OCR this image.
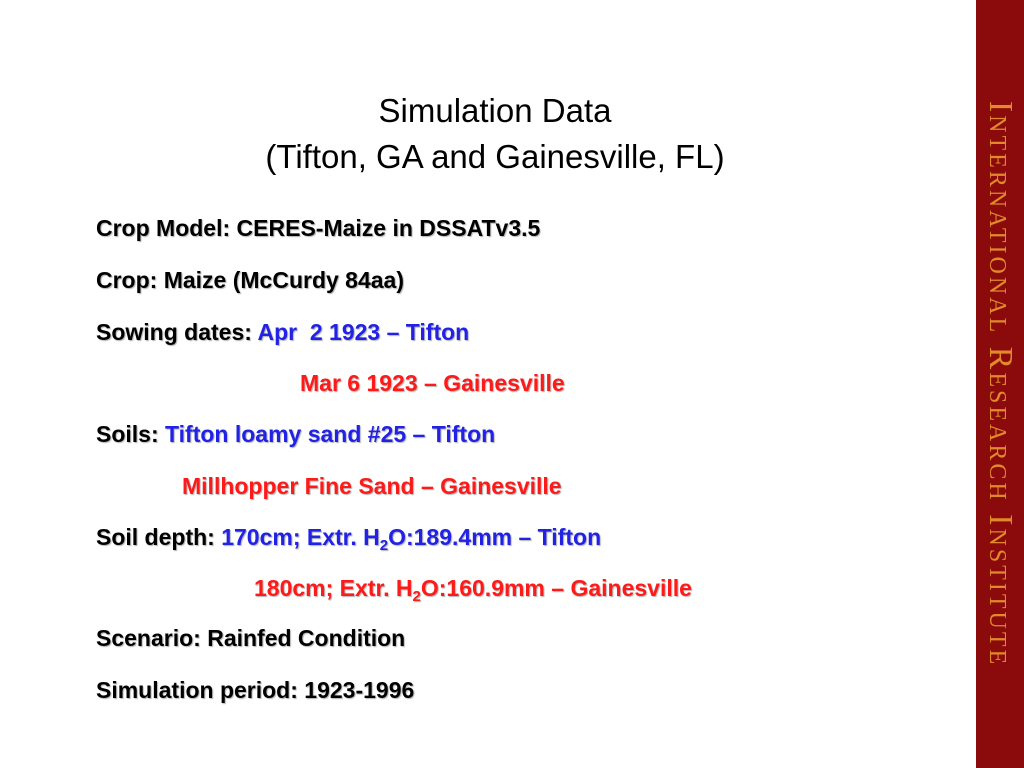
Simulation Data
(Tifton, GA and Gainesville, FL)
Crop Model: CERES-Maize in DSSATv3.5
Crop: Maize (McCurdy 84aa)
Sowing dates: Apr  2 1923 – Tifton
Mar 6 1923 – Gainesville
Soils: Tifton loamy sand #25 – Tifton
Millhopper Fine Sand – Gainesville
Soil depth: 170cm; Extr. $H_2O:189.4mm$ – Tifton
180cm; Extr. $H_2O:160.9mm$ – Gainesville
Scenario: Rainfed Condition
Simulation period: 1923-1996
International Research Institute
